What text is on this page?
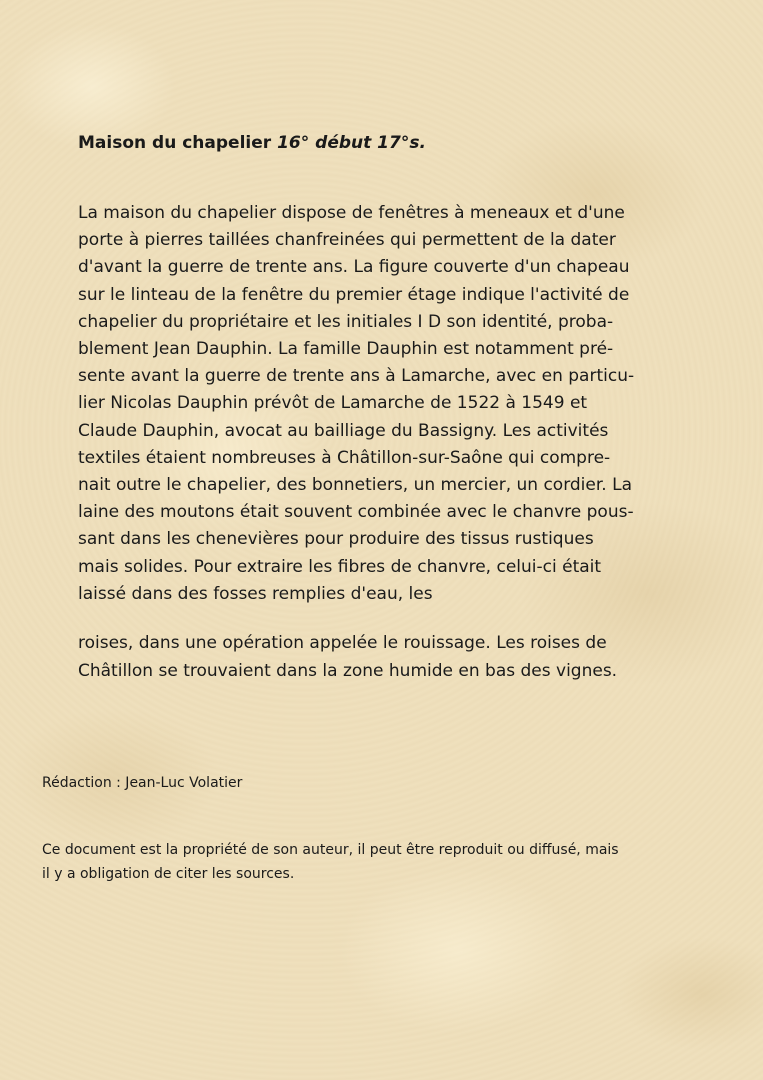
Maison du chapelier 16° début 17°s.
La maison du chapelier dispose de fenêtres à meneaux et d'une
porte à pierres taillées chanfreinées qui permettent de la dater
d'avant la guerre de trente ans. La figure couverte d'un chapeau
sur le linteau de la fenêtre du premier étage indique l'activité de
chapelier du propriétaire et les initiales I D son identité, proba-
blement Jean Dauphin. La famille Dauphin est notamment pré-
sente avant la guerre de trente ans à Lamarche, avec en particu-
lier Nicolas Dauphin prévôt de Lamarche de 1522 à 1549 et
Claude Dauphin, avocat au bailliage du Bassigny. Les activités
textiles étaient nombreuses à Châtillon-sur-Saône qui compre-
nait outre le chapelier, des bonnetiers, un mercier, un cordier. La
laine des moutons était souvent combinée avec le chanvre pous-
sant dans les chenevières pour produire des tissus rustiques
mais solides. Pour extraire les fibres de chanvre, celui-ci était
laissé dans des fosses remplies d'eau, les
roises, dans une opération appelée le rouissage. Les roises de
Châtillon se trouvaient dans la zone humide en bas des vignes.
Rédaction : Jean-Luc Volatier
Ce document est la propriété de son auteur, il peut être reproduit ou diffusé, mais
il y a obligation de citer les sources.
